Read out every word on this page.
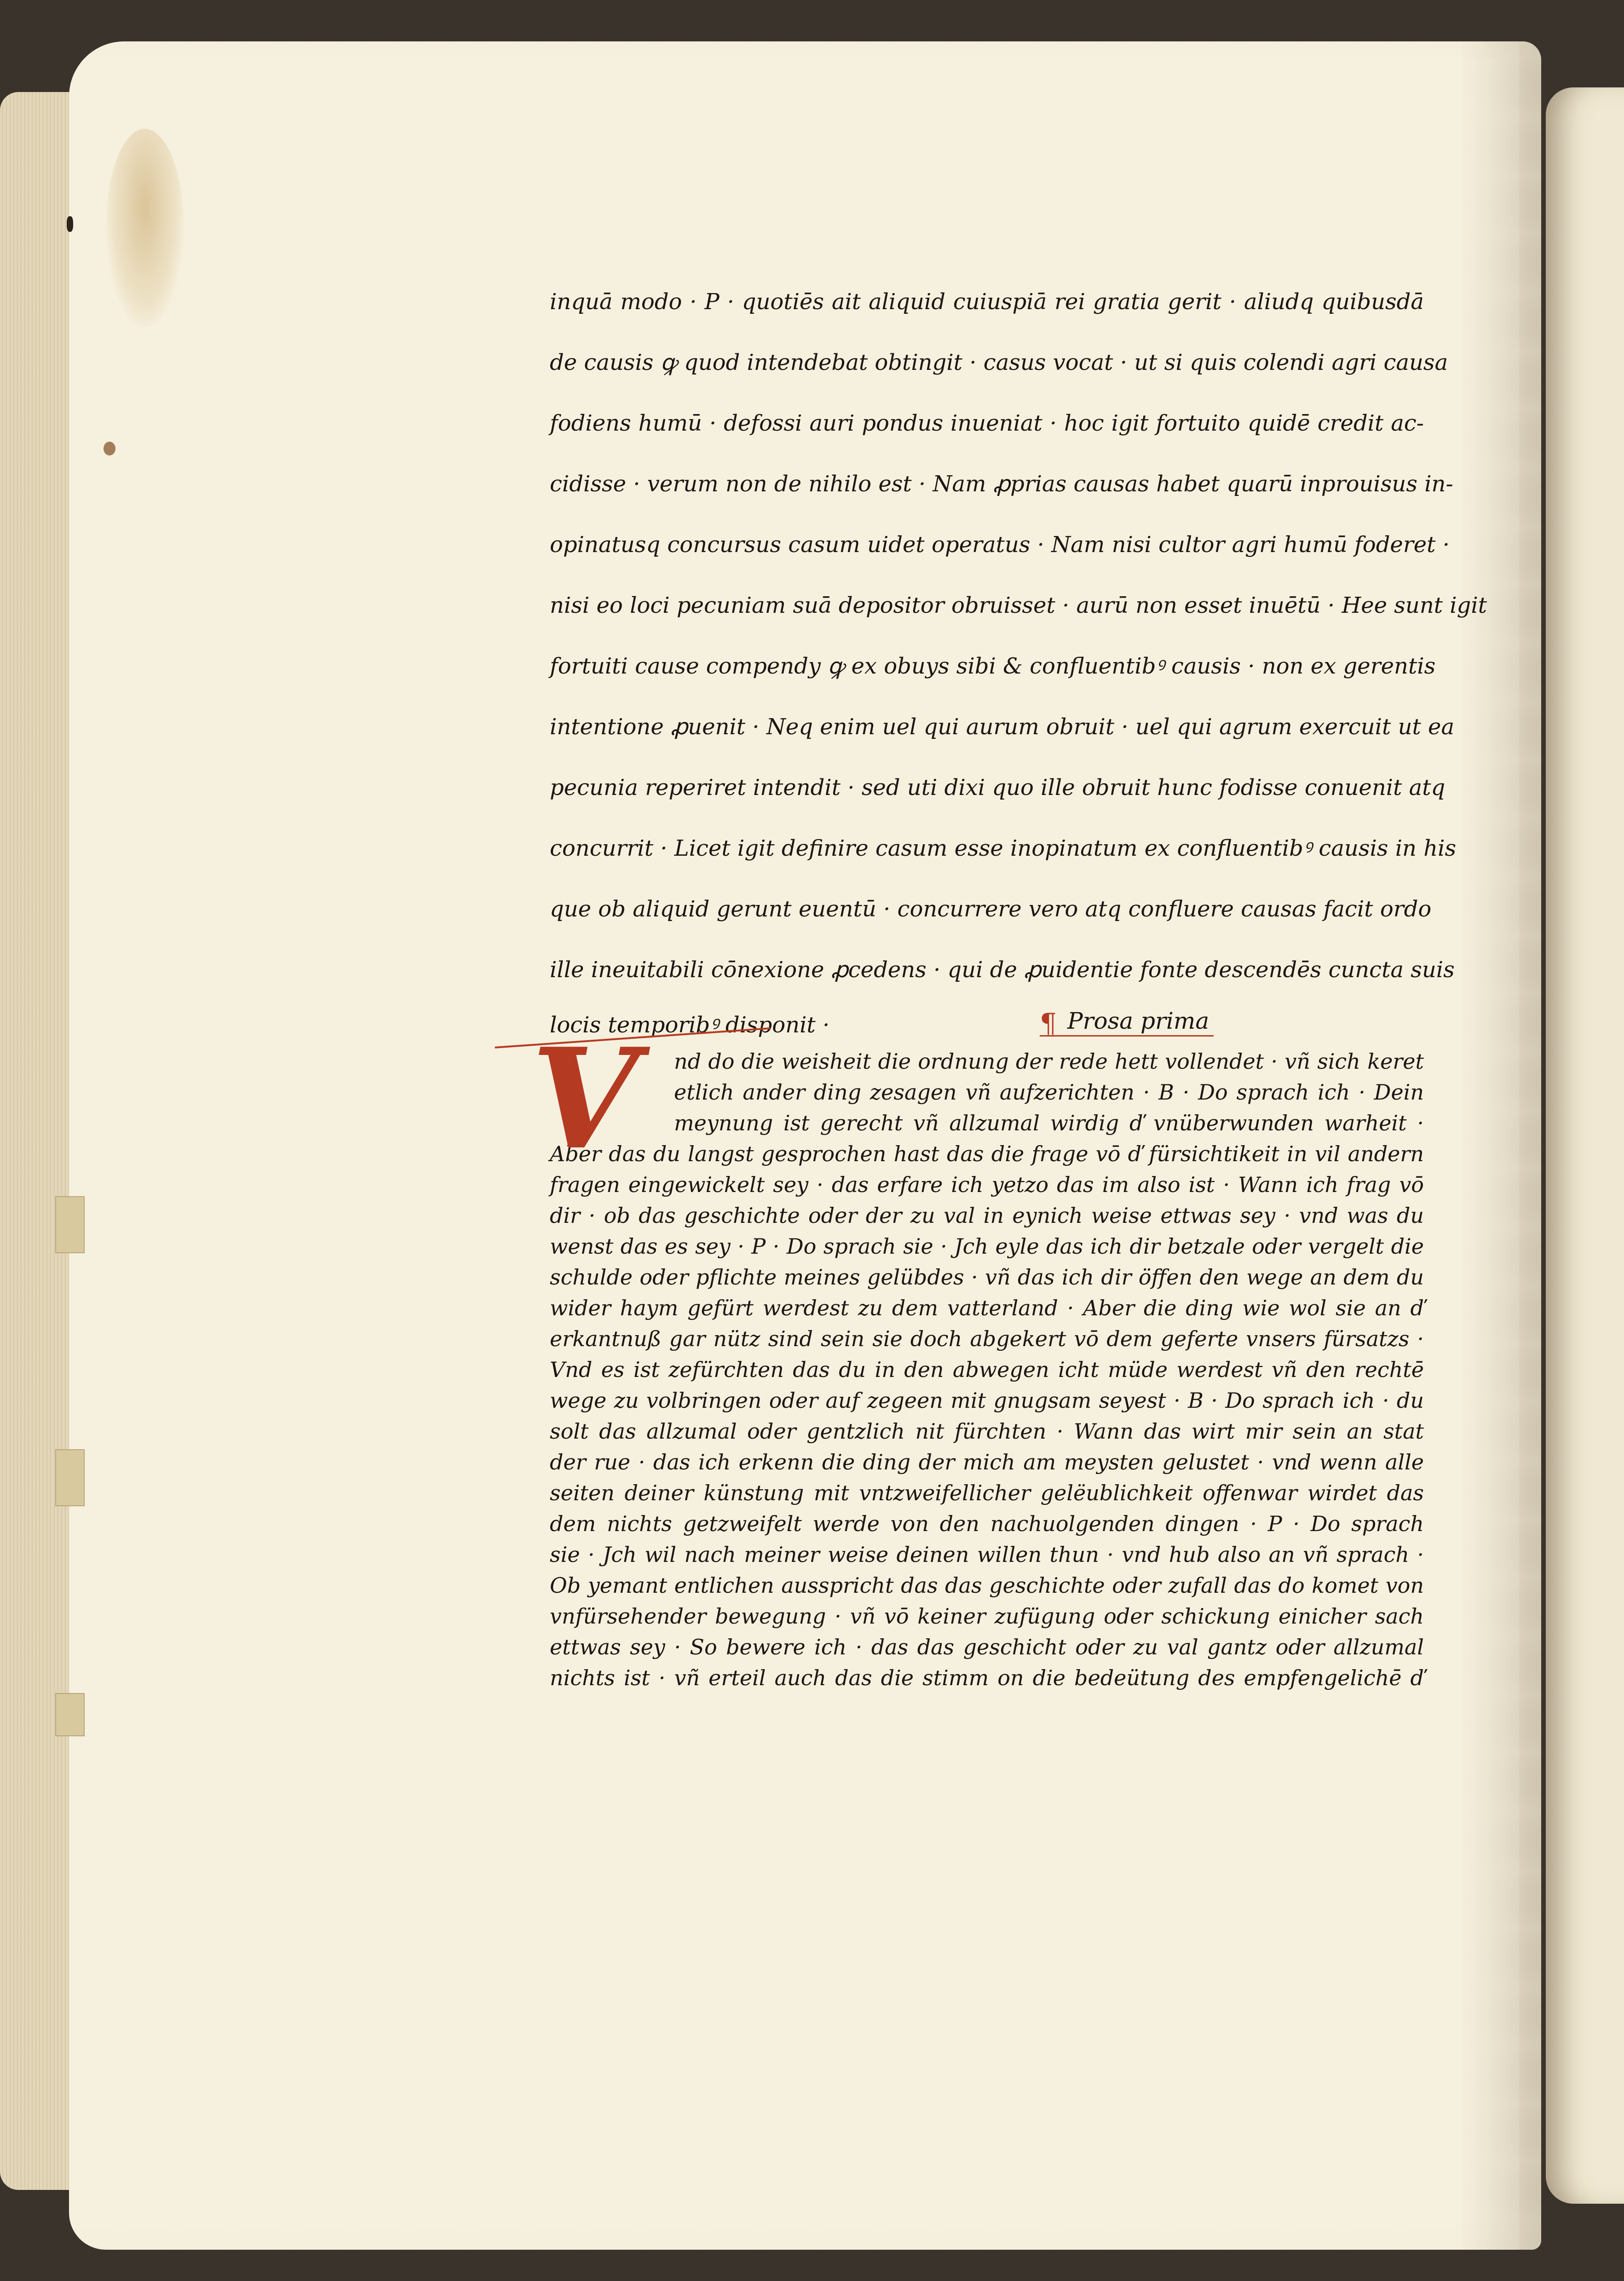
inquā modo · P · quotiēs ait aliquid cuiuspiā rei gratia gerit · aliudq quibusdā
de causis ꝙ quod intendebat obtingit · casus vocat · ut si quis colendi agri causa
fodiens humū · defossi auri pondus inueniat · hoc igit fortuito quidē credit ac-
cidisse · verum non de nihilo est · Nam ꝓprias causas habet quarū inprouisus in-
opinatusq concursus casum uidet operatus · Nam nisi cultor agri humū foderet ·
nisi eo loci pecuniam suā depositor obruisset · aurū non esset inuētū · Hee sunt igit
fortuiti cause compendy ꝙ ex obuys sibi & confluentibꝰ causis · non ex gerentis
intentione ꝓuenit · Neq enim uel qui aurum obruit · uel qui agrum exercuit ut ea
pecunia reperiret intendit · sed uti dixi quo ille obruit hunc fodisse conuenit atq
concurrit · Licet igit definire casum esse inopinatum ex confluentibꝰ causis in his
que ob aliquid gerunt euentū · concurrere vero atq confluere causas facit ordo
ille ineuitabili cōnexione ꝓcedens · qui de ꝓuidentie fonte descendēs cuncta suis
locis temporibꝰ disponit ·	¶ Prosa prima
V	nd do die weisheit die ordnung der rede hett vollendet · vñ sich keret
etlich ander ding zesagen vñ aufzerichten · B · Do sprach ich · Dein
meynung ist gerecht vñ allzumal wirdig ď vnüberwunden warheit ·
Aber das du langst gesprochen hast das die frage vō ď fürsichtikeit in vil andern
fragen eingewickelt sey · das erfare ich yetzo das im also ist · Wann ich frag vō
dir · ob das geschichte oder der zu val in eynich weise ettwas sey · vnd was du
wenst das es sey · P · Do sprach sie · Jch eyle das ich dir betzale oder vergelt die
schulde oder pflichte meines gelübdes · vñ das ich dir öffen den wege an dem du
wider haym gefürt werdest zu dem vatterland · Aber die ding wie wol sie an ď
erkantnuß gar nütz sind sein sie doch abgekert vō dem geferte vnsers fürsatzs ·
Vnd es ist zefürchten das du in den abwegen icht müde werdest vñ den rechtē
wege zu volbringen oder auf zegeen mit gnugsam seyest · B · Do sprach ich · du
solt das allzumal oder gentzlich nit fürchten · Wann das wirt mir sein an stat
der rue · das ich erkenn die ding der mich am meysten gelustet · vnd wenn alle
seiten deiner künstung mit vntzweifellicher gelëublichkeit offenwar wirdet das
dem nichts getzweifelt werde von den nachuolgenden dingen · P · Do sprach
sie · Jch wil nach meiner weise deinen willen thun · vnd hub also an vñ sprach ·
Ob yemant entlichen ausspricht das das geschichte oder zufall das do komet von
vnfürsehender bewegung · vñ vō keiner zufügung oder schickung einicher sach
ettwas sey · So bewere ich · das das geschicht oder zu val gantz oder allzumal
nichts ist · vñ erteil auch das die stimm on die bedeütung des empfengelichē ď
